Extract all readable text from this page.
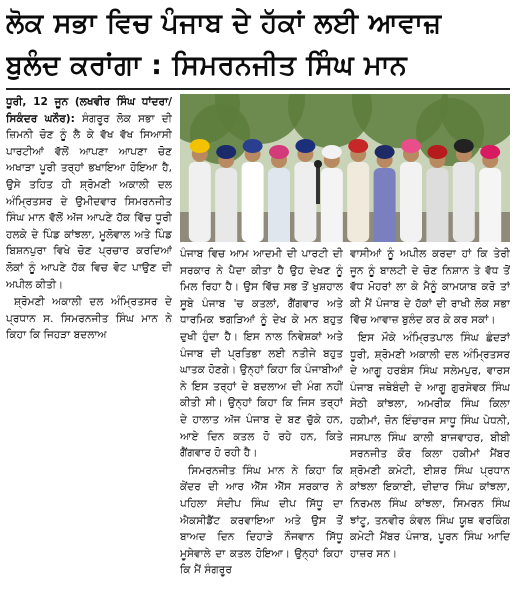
ਲੋਕ ਸਭਾ ਵਿਚ ਪੰਜਾਬ ਦੇ ਹੱਕਾਂ ਲਈ ਆਵਾਜ਼
ਬੁਲੰਦ ਕਰਾਂਗਾ : ਸਿਮਰਨਜੀਤ ਸਿੰਘ ਮਾਨ

ਧੂਰੀ, 12 ਜੂਨ (ਲਖਵੀਰ ਸਿੰਘ ਧਾਂਦਰਾ/ਸਿਕੰਦਰ ਘਨੌਰ): ਸੰਗਰੂਰ ਲੋਕ ਸਭਾ ਦੀ ਜ਼ਿਮਨੀ ਚੋਣ ਨੂੰ ਲੈ ਕੇ ਵੱਖ ਵੱਖ ਸਿਆਸੀ ਪਾਰਟੀਆਂ ਵੱਲੋਂ ਆਪਣਾ ਆਪਣਾ ਚੋਣ ਅਖਾੜਾ ਪੂਰੀ ਤਰ੍ਹਾਂ ਭਖਾਇਆ ਹੋਇਆ ਹੈ, ਉਸੇ ਤਹਿਤ ਹੀ ਸ਼੍ਰੋਮਣੀ ਅਕਾਲੀ ਦਲ ਅੰਮ੍ਰਿਤਸਰ ਦੇ ਉਮੀਦਵਾਰ ਸਿਮਰਨਜੀਤ ਸਿੰਘ ਮਾਨ ਵੱਲੋਂ ਅੱਜ ਆਪਣੇ ਹੱਕ ਵਿੱਚ ਧੂਰੀ ਹਲਕੇ ਦੇ ਪਿੰਡ ਕਾਂਝਲਾ, ਮੂਲੋਵਾਲ ਅਤੇ ਪਿੰਡ ਬਿਸ਼ਨਪੁਰਾ ਵਿਖੇ ਚੋਣ ਪ੍ਰਚਾਰ ਕਰਦਿਆਂ ਲੋਕਾਂ ਨੂੰ ਆਪਣੇ ਹੱਕ ਵਿਚ ਵੋਟ ਪਾਉਣ ਦੀ ਅਪੀਲ ਕੀਤੀ।

ਸ਼੍ਰੋਮਣੀ ਅਕਾਲੀ ਦਲ ਅੰਮ੍ਰਿਤਸਰ ਦੇ ਪ੍ਰਧਾਨ ਸ. ਸਿਮਰਨਜੀਤ ਸਿੰਘ ਮਾਨ ਨੇ ਕਿਹਾ ਕਿ ਜਿਹੜਾ ਬਦਲਾਅ

ਪੰਜਾਬ ਵਿਚ ਆਮ ਆਦਮੀ ਦੀ ਪਾਰਟੀ ਦੀ ਸਰਕਾਰ ਨੇ ਪੈਦਾ ਕੀਤਾ ਹੈ ਉਹ ਦੇਖਣ ਨੂੰ ਮਿਲ ਰਿਹਾ ਹੈ। ਉਸ ਵਿੱਚ ਸਭ ਤੋਂ ਖੁਸ਼ਹਾਲ ਸੂਬੇ ਪੰਜਾਬ 'ਚ ਕਤਲਾਂ, ਗੈਂਗਵਾਰ ਅਤੇ ਧਾਰਮਿਕ ਝਗੜਿਆਂ ਨੂੰ ਦੇਖ ਕੇ ਮਨ ਬਹੁਤ ਦੁਖੀ ਹੁੰਦਾ ਹੈ। ਇਸ ਨਾਲ ਨਿਵੇਸ਼ਕਾਂ ਅਤੇ ਪੰਜਾਬ ਦੀ ਪ੍ਰਤਿਭਾ ਲਈ ਨਤੀਜੇ ਬਹੁਤ ਘਾਤਕ ਹੋਣਗੇ। ਉਨ੍ਹਾਂ ਕਿਹਾ ਕਿ ਪੰਜਾਬੀਆਂ ਨੇ ਇਸ ਤਰ੍ਹਾਂ ਦੇ ਬਦਲਾਅ ਦੀ ਮੰਗ ਨਹੀਂ ਕੀਤੀ ਸੀ। ਉਨ੍ਹਾਂ ਕਿਹਾ ਕਿ ਜਿਸ ਤਰ੍ਹਾਂ ਦੇ ਹਾਲਾਤ ਅੱਜ ਪੰਜਾਬ ਦੇ ਬਣ ਚੁੱਕੇ ਹਨ, ਆਏ ਦਿਨ ਕਤਲ ਹੋ ਰਹੇ ਹਨ, ਕਿਤੇ ਗੈਂਗਵਾਰ ਹੋ ਰਹੀ ਹੈ।

ਸਿਮਰਨਜੀਤ ਸਿੰਘ ਮਾਨ ਨੇ ਕਿਹਾ ਕਿ ਕੇਂਦਰ ਦੀ ਆਰ ਐੱਸ ਐੱਸ ਸਰਕਾਰ ਨੇ ਪਹਿਲਾ ਸੰਦੀਪ ਸਿੰਘ ਦੀਪ ਸਿੱਧੂ ਦਾ ਐਕਸੀਡੈਂਟ ਕਰਵਾਇਆ ਅਤੇ ਉਸ ਤੋਂ ਬਾਅਦ ਦਿਨ ਦਿਹਾੜੇ ਨੌਜਵਾਨ ਸਿੱਧੂ ਮੂਸੇਵਾਲੇ ਦਾ ਕਤਲ ਹੋਇਆ। ਉਨ੍ਹਾਂ ਕਿਹਾ ਕਿ ਮੈਂ ਸੰਗਰੂਰ

ਵਾਸੀਆਂ ਨੂੰ ਅਪੀਲ ਕਰਦਾ ਹਾਂ ਕਿ ਤੇਰੀ ਜੂਨ ਨੂੰ ਬਾਲਟੀ ਦੇ ਚੋਣ ਨਿਸ਼ਾਨ ਤੇ ਵੱਧ ਤੋਂ ਵੱਧ ਮੋਹਰਾਂ ਲਾ ਕੇ ਮੈਨੂੰ ਕਾਮਯਾਬ ਕਰੋ ਤਾਂ ਕੀ ਮੈਂ ਪੰਜਾਬ ਦੇ ਹੱਕਾਂ ਦੀ ਰਾਖੀ ਲੋਕ ਸਭਾ ਵਿੱਚ ਆਵਾਜ਼ ਬੁਲੰਦ ਕਰ ਕੇ ਕਰ ਸਕਾਂ।

ਇਸ ਮੌਕੇ ਅੰਮ੍ਰਿਤਪਾਲ ਸਿੰਘ ਛੰਦੜਾਂ ਧੂਰੀ, ਸ਼੍ਰੋਮਣੀ ਅਕਾਲੀ ਦਲ ਅੰਮ੍ਰਿਤਸਰ ਦੇ ਆਗੂ ਹਰਬੰਸ ਸਿੰਘ ਸਲੇਮਪੁਰ, ਵਾਰਸ ਪੰਜਾਬ ਜਥੇਬੰਦੀ ਦੇ ਆਗੂ ਗੁਰਸੇਵਕ ਸਿੰਘ ਸੇਠੀ ਕਾਂਝਲਾ, ਅਮਰੀਕ ਸਿੰਘ ਕਿਲਾ ਹਕੀਮਾਂ, ਜ਼ੋਨ ਇੰਚਾਰਜ ਸਾਧੂ ਸਿੰਘ ਪੇਧਨੀ, ਜਸਪਾਲ ਸਿੰਘ ਕਾਲੀ ਬਾਜਵਾਹਰ, ਬੀਬੀ ਸਰਨਜੀਤ ਕੌਰ ਕਿਲਾ ਹਕੀਮਾਂ ਮੈਂਬਰ ਸ਼੍ਰੋਮਣੀ ਕਮੇਟੀ, ਈਸ਼ਰ ਸਿੰਘ ਪ੍ਰਧਾਨ ਕਾਂਝਲਾ ਇਕਾਈ, ਦੀਦਾਰ ਸਿੰਘ ਕਾਂਝਲਾ, ਨਿਰਮਲ ਸਿੰਘ ਕਾਂਝਲਾ, ਸਿਮਰਨ ਸਿੰਘ ਝਾਂਟੂ, ਤਨਵੀਰ ਕੰਵਲ ਸਿੰਘ ਯੂਥ ਵਰਕਿੰਗ ਕਮੇਟੀ ਮੈਂਬਰ ਪੰਜਾਬ, ਪੂਰਨ ਸਿੰਘ ਆਦਿ ਹਾਜ਼ਰ ਸਨ।
